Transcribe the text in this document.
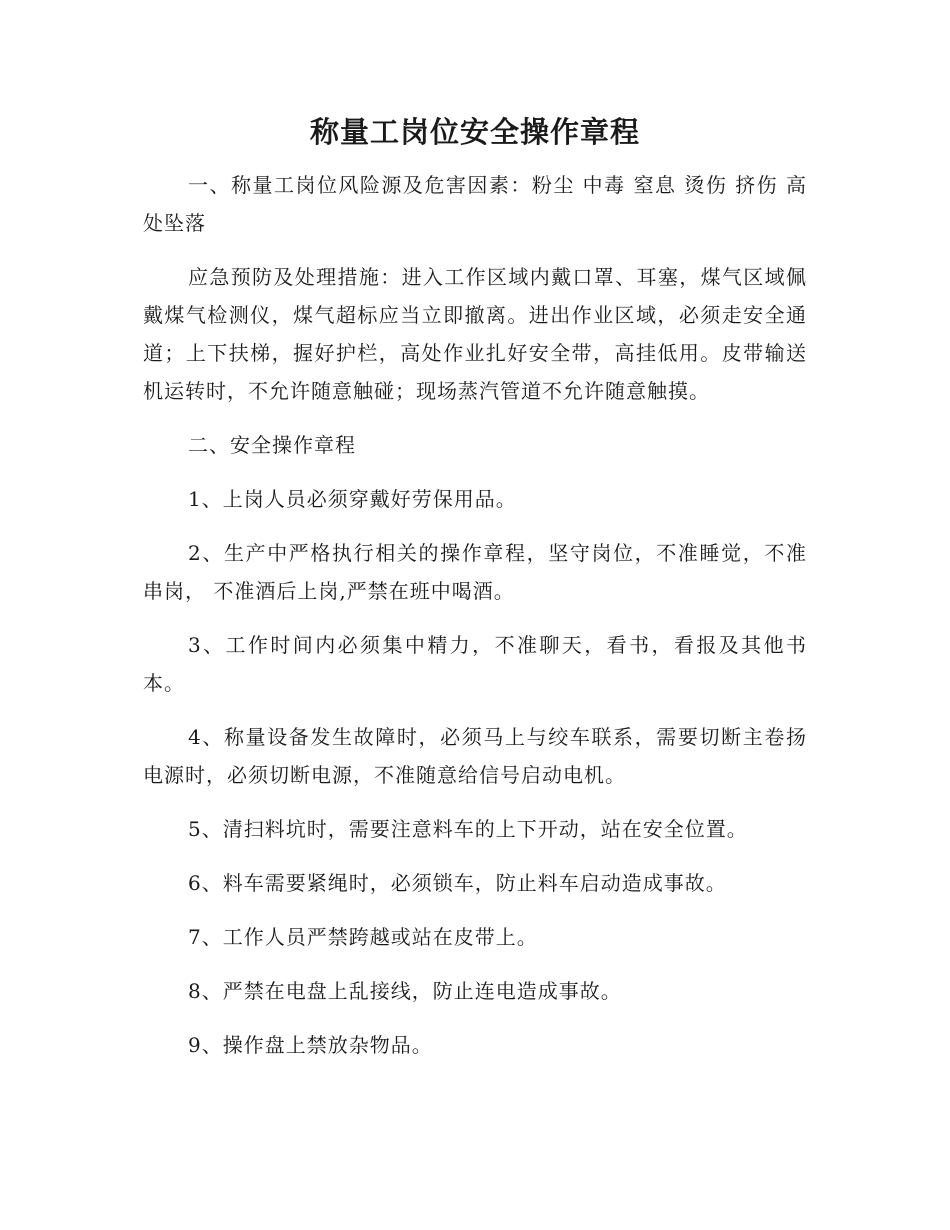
称量工岗位安全操作章程

一、称量工岗位风险源及危害因素：粉尘 中毒 窒息 烫伤 挤伤 高处坠落

应急预防及处理措施：进入工作区域内戴口罩、耳塞，煤气区域佩戴煤气检测仪，煤气超标应当立即撤离。进出作业区域，必须走安全通道；上下扶梯，握好护栏，高处作业扎好安全带，高挂低用。皮带输送机运转时，不允许随意触碰；现场蒸汽管道不允许随意触摸。

二、安全操作章程

1、上岗人员必须穿戴好劳保用品。

2、生产中严格执行相关的操作章程，坚守岗位，不准睡觉，不准串岗， 不准酒后上岗,严禁在班中喝酒。

3、工作时间内必须集中精力，不准聊天，看书，看报及其他书本。

4、称量设备发生故障时，必须马上与绞车联系，需要切断主卷扬电源时，必须切断电源，不准随意给信号启动电机。

5、清扫料坑时，需要注意料车的上下开动，站在安全位置。

6、料车需要紧绳时，必须锁车，防止料车启动造成事故。

7、工作人员严禁跨越或站在皮带上。

8、严禁在电盘上乱接线，防止连电造成事故。

9、操作盘上禁放杂物品。
